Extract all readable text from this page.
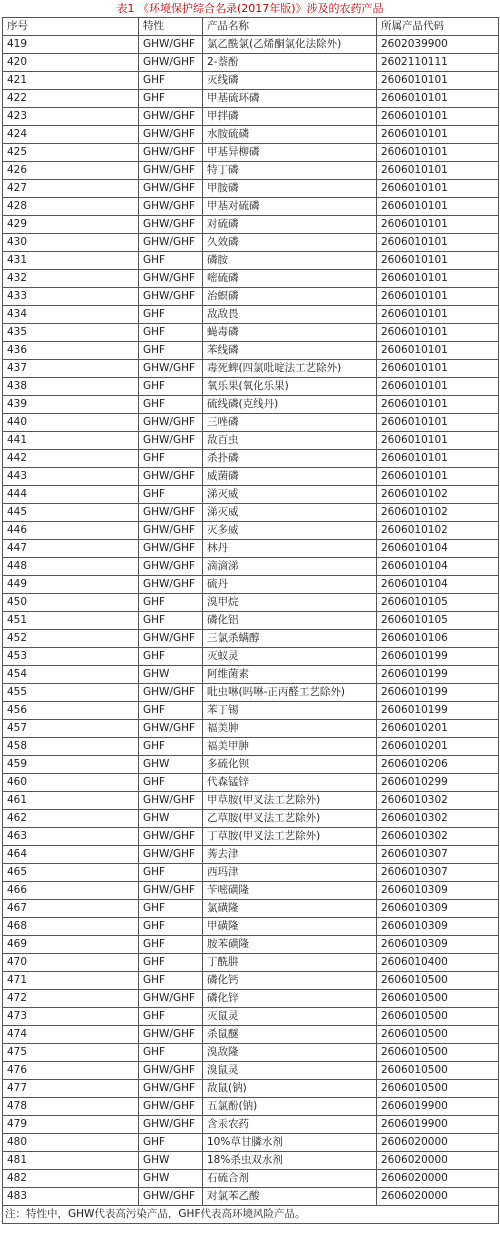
表1 《环境保护综合名录(2017年版)》涉及的农药产品
序号	特性	产品名称	所属产品代码
419	GHW/GHF	氯乙酰氯(乙烯酮氯化法除外)	2602039900
420	GHW/GHF	2-萘酚	2602110111
421	GHF	灭线磷	2606010101
422	GHF	甲基硫环磷	2606010101
423	GHW/GHF	甲拌磷	2606010101
424	GHW/GHF	水胺硫磷	2606010101
425	GHW/GHF	甲基异柳磷	2606010101
426	GHW/GHF	特丁磷	2606010101
427	GHW/GHF	甲胺磷	2606010101
428	GHW/GHF	甲基对硫磷	2606010101
429	GHW/GHF	对硫磷	2606010101
430	GHW/GHF	久效磷	2606010101
431	GHF	磷胺	2606010101
432	GHW/GHF	嘧硫磷	2606010101
433	GHW/GHF	治螟磷	2606010101
434	GHF	敌敌畏	2606010101
435	GHF	蝇毒磷	2606010101
436	GHF	苯线磷	2606010101
437	GHW/GHF	毒死蜱(四氯吡啶法工艺除外)	2606010101
438	GHF	氧乐果(氧化乐果)	2606010101
439	GHF	硫线磷(克线丹)	2606010101
440	GHW/GHF	三唑磷	2606010101
441	GHW/GHF	敌百虫	2606010101
442	GHF	杀扑磷	2606010101
443	GHW/GHF	威菌磷	2606010101
444	GHF	涕灭威	2606010102
445	GHW/GHF	涕灭威	2606010102
446	GHW/GHF	灭多威	2606010102
447	GHW/GHF	林丹	2606010104
448	GHW/GHF	滴滴涕	2606010104
449	GHW/GHF	硫丹	2606010104
450	GHF	溴甲烷	2606010105
451	GHF	磷化铝	2606010105
452	GHW/GHF	三氯杀螨醇	2606010106
453	GHF	灭蚁灵	2606010199
454	GHW	阿维菌素	2606010199
455	GHW/GHF	吡虫啉(吗啉-正丙醛工艺除外)	2606010199
456	GHF	苯丁锡	2606010199
457	GHW/GHF	福美胂	2606010201
458	GHF	福美甲胂	2606010201
459	GHW	多硫化钡	2606010206
460	GHF	代森锰锌	2606010299
461	GHW/GHF	甲草胺(甲叉法工艺除外)	2606010302
462	GHW	乙草胺(甲叉法工艺除外)	2606010302
463	GHW/GHF	丁草胺(甲叉法工艺除外)	2606010302
464	GHW/GHF	莠去津	2606010307
465	GHF	西玛津	2606010307
466	GHW/GHF	苄嘧磺隆	2606010309
467	GHF	氯磺隆	2606010309
468	GHF	甲磺隆	2606010309
469	GHF	胺苯磺隆	2606010309
470	GHF	丁酰肼	2606010400
471	GHF	磷化钙	2606010500
472	GHW/GHF	磷化锌	2606010500
473	GHF	灭鼠灵	2606010500
474	GHW/GHF	杀鼠醚	2606010500
475	GHF	溴敌隆	2606010500
476	GHW/GHF	溴鼠灵	2606010500
477	GHW/GHF	敌鼠(钠)	2606010500
478	GHW/GHF	五氯酚(钠)	2606019900
479	GHW/GHF	含汞农药	2606019900
480	GHF	10%草甘膦水剂	2606020000
481	GHW	18%杀虫双水剂	2606020000
482	GHW	石硫合剂	2606020000
483	GHW/GHF	对氯苯乙酸	2606020000
注：特性中，GHW代表高污染产品，GHF代表高环境风险产品。			
